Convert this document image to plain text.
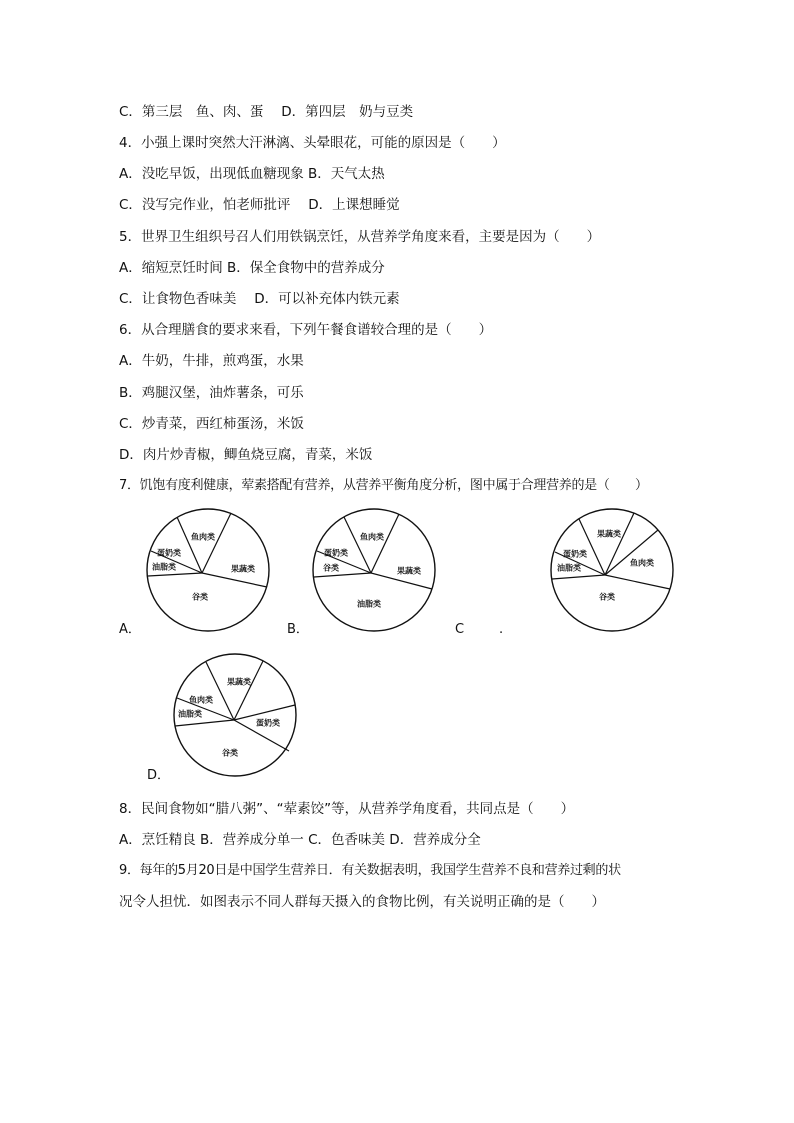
C．第三层　鱼、肉、蛋　 D．第四层　奶与豆类
4．小强上课时突然大汗淋漓、头晕眼花，可能的原因是（　　）
A．没吃早饭，出现低血糖现象 B．天气太热
C．没写完作业，怕老师批评　 D．上课想睡觉
5．世界卫生组织号召人们用铁锅烹饪，从营养学角度来看，主要是因为（　　）
A．缩短烹饪时间 B．保全食物中的营养成分
C．让食物色香味美　 D．可以补充体内铁元素
6．从合理膳食的要求来看，下列午餐食谱较合理的是（　　）
A．牛奶，牛排，煎鸡蛋，水果
B．鸡腿汉堡，油炸薯条，可乐
C．炒青菜，西红柿蛋汤，米饭
D．肉片炒青椒，鲫鱼烧豆腐，青菜，米饭
7．饥饱有度利健康，荤素搭配有营养，从营养平衡角度分析，图中属于合理营养的是（　　）
A．	B．	C	.
D．
鱼肉类
果蔬类
谷类
油脂类
蛋奶类
鱼肉类
果蔬类
油脂类
谷类
蛋奶类
果蔬类
鱼肉类
谷类
油脂类
蛋奶类
果蔬类
蛋奶类
谷类
油脂类
鱼肉类
8．民间食物如“腊八粥”、“荤素饺”等，从营养学角度看，共同点是（　　）
A．烹饪精良 B．营养成分单一 C．色香味美 D．营养成分全
9．每年的5月20日是中国学生营养日．有关数据表明，我国学生营养不良和营养过剩的状
况令人担忧．如图表示不同人群每天摄入的食物比例，有关说明正确的是（　　）
